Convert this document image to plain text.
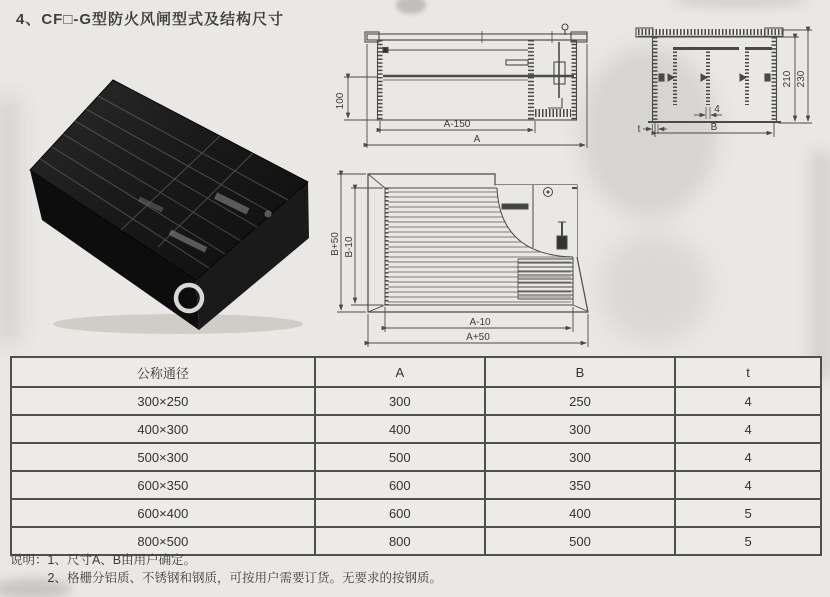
4、CF□-G型防火风闸型式及结构尺寸
100
A-150
A
210 230
4
B
t
B+50 B-10
A-10
A+50
公称通径	A	B	t
300×250	300	250	4
400×300	400	300	4
500×300	500	300	4
600×350	600	350	4
600×400	600	400	5
800×500	800	500	5
说明： 1、尺寸A、B由用户确定。
2、格栅分铝质、不锈钢和钢质，可按用户需要订货。无要求的按钢质。
